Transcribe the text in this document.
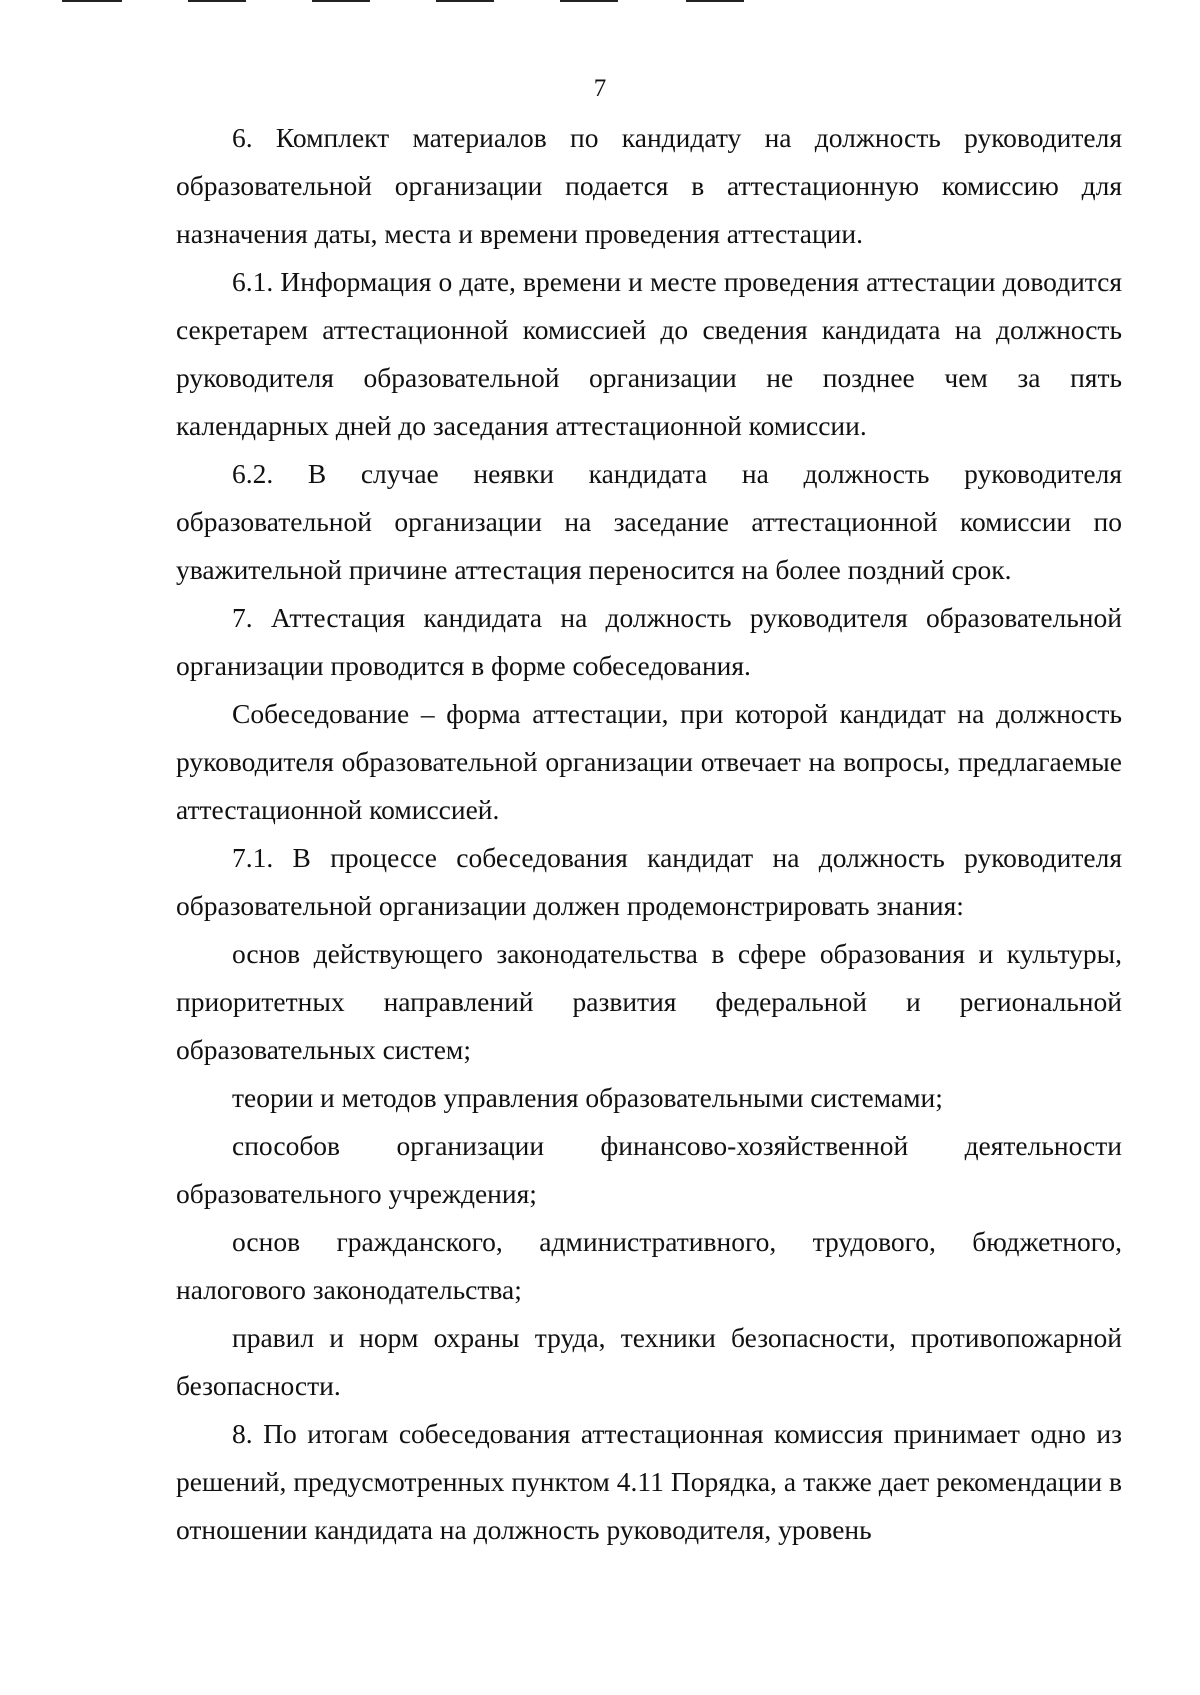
7

6. Комплект материалов по кандидату на должность руководителя образовательной организации подается в аттестационную комиссию для назначения даты, места и времени проведения аттестации.

6.1. Информация о дате, времени и месте проведения аттестации доводится секретарем аттестационной комиссией до сведения кандидата на должность руководителя образовательной организации не позднее чем за пять календарных дней до заседания аттестационной комиссии.

6.2. В случае неявки кандидата на должность руководителя образовательной организации на заседание аттестационной комиссии по уважительной причине аттестация переносится на более поздний срок.

7. Аттестация кандидата на должность руководителя образовательной организации проводится в форме собеседования.

Собеседование – форма аттестации, при которой кандидат на должность руководителя образовательной организации отвечает на вопросы, предлагаемые аттестационной комиссией.

7.1. В процессе собеседования кандидат на должность руководителя образовательной организации должен продемонстрировать знания:

основ действующего законодательства в сфере образования и культуры, приоритетных направлений развития федеральной и региональной образовательных систем;

теории и методов управления образовательными системами;

способов организации финансово-хозяйственной деятельности образовательного учреждения;

основ гражданского, административного, трудового, бюджетного, налогового законодательства;

правил и норм охраны труда, техники безопасности, противопожарной безопасности.

8. По итогам собеседования аттестационная комиссия принимает одно из решений, предусмотренных пунктом 4.11 Порядка, а также дает рекомендации в отношении кандидата на должность руководителя, уровень
